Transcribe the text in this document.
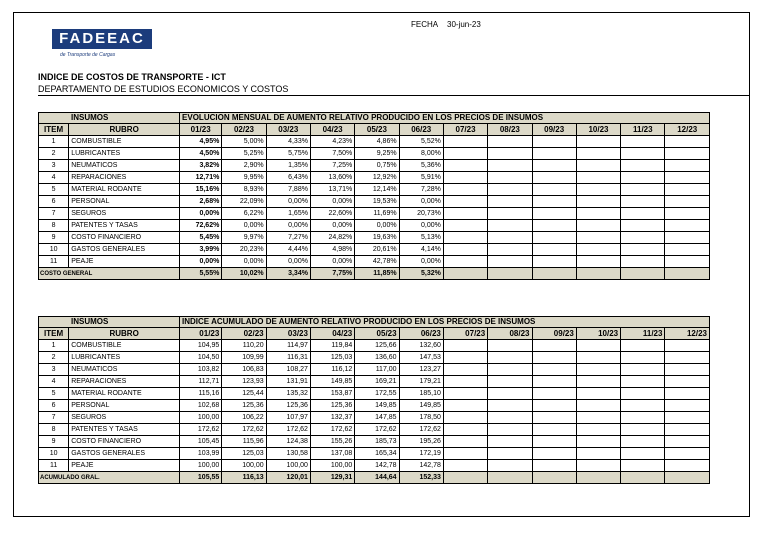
FADEEAC
de Transporte de Cargas
FECHA 30-jun-23
INDICE DE COSTOS DE TRANSPORTE - ICT
DEPARTAMENTO DE ESTUDIOS ECONOMICOS Y COSTOS
INSUMOS		EVOLUCION MENSUAL DE AUMENTO RELATIVO PRODUCIDO EN LOS PRECIOS DE INSUMOS											
ITEM	RUBRO	01/23	02/23	03/23	04/23	05/23	06/23	07/23	08/23	09/23	10/23	11/23	12/23
1	COMBUSTIBLE	4,95%	5,00%	4,33%	4,23%	4,86%	5,52%						
2	LUBRICANTES	4,50%	5,25%	5,75%	7,50%	9,25%	8,00%						
3	NEUMATICOS	3,82%	2,90%	1,35%	7,25%	0,75%	5,36%						
4	REPARACIONES	12,71%	9,95%	6,43%	13,60%	12,92%	5,91%						
5	MATERIAL RODANTE	15,16%	8,93%	7,88%	13,71%	12,14%	7,28%						
6	PERSONAL	2,68%	22,09%	0,00%	0,00%	19,53%	0,00%						
7	SEGUROS	0,00%	6,22%	1,65%	22,60%	11,69%	20,73%						
8	PATENTES Y TASAS	72,62%	0,00%	0,00%	0,00%	0,00%	0,00%						
9	COSTO FINANCIERO	5,45%	9,97%	7,27%	24,82%	19,63%	5,13%						
10	GASTOS GENERALES	3,99%	20,23%	4,44%	4,98%	20,61%	4,14%						
11	PEAJE	0,00%	0,00%	0,00%	0,00%	42,78%	0,00%						
COSTO GENERAL		5,55%	10,02%	3,34%	7,75%	11,85%	5,32%						
INSUMOS		INDICE ACUMULADO DE AUMENTO RELATIVO PRODUCIDO EN LOS PRECIOS DE INSUMOS											
ITEM	RUBRO	01/23	02/23	03/23	04/23	05/23	06/23	07/23	08/23	09/23	10/23	11/23	12/23
1	COMBUSTIBLE	104,95	110,20	114,97	119,84	125,66	132,60						
2	LUBRICANTES	104,50	109,99	116,31	125,03	136,60	147,53						
3	NEUMATICOS	103,82	106,83	108,27	116,12	117,00	123,27						
4	REPARACIONES	112,71	123,93	131,91	149,85	169,21	179,21						
5	MATERIAL RODANTE	115,16	125,44	135,32	153,87	172,55	185,10						
6	PERSONAL	102,68	125,36	125,36	125,36	149,85	149,85						
7	SEGUROS	100,00	106,22	107,97	132,37	147,85	178,50						
8	PATENTES Y TASAS	172,62	172,62	172,62	172,62	172,62	172,62						
9	COSTO FINANCIERO	105,45	115,96	124,38	155,26	185,73	195,26						
10	GASTOS GENERALES	103,99	125,03	130,58	137,08	165,34	172,19						
11	PEAJE	100,00	100,00	100,00	100,00	142,78	142,78						
ACUMULADO GRAL.		105,55	116,13	120,01	129,31	144,64	152,33						
